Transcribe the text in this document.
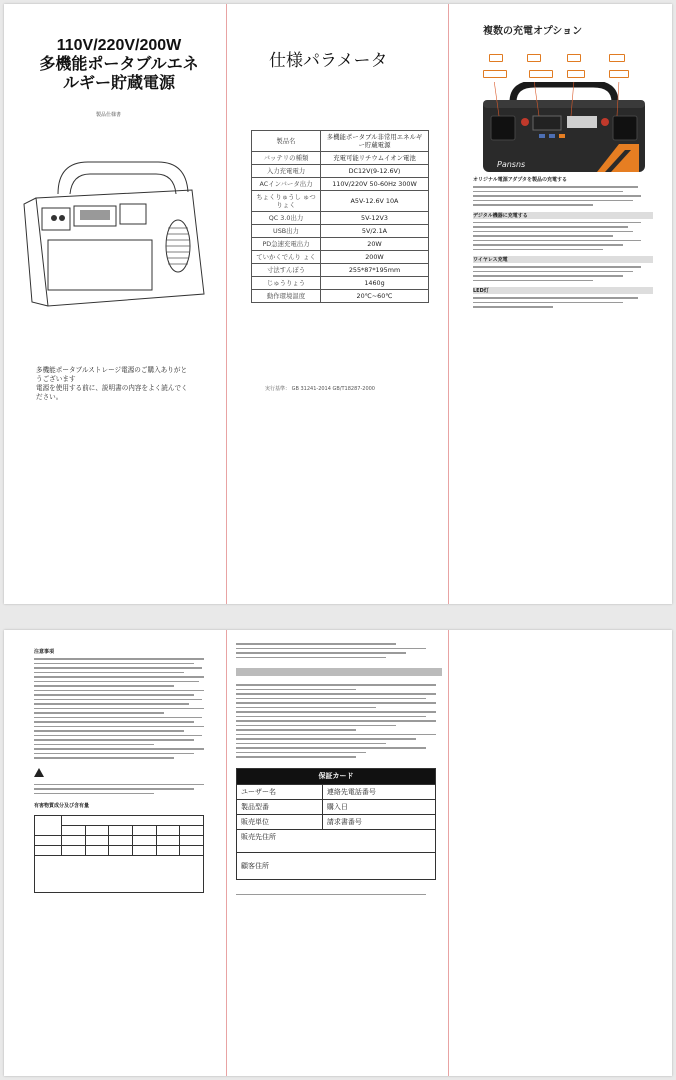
110V/220V/200W
多機能ポータブルエネ
ルギー貯蔵電源
製品仕様書
多機能ポータブルストレージ電源のご購入ありがと
うございます
電源を使用する前に、説明書の内容をよく読んでく
ださい。
仕様パラメータ
製品名	多機能ポータブル非常用エネルギー貯蔵電源
バッテリの種類	充電可能リチウムイオン電池
入力充電電力	DC12V(9-12.6V)
ACインバータ出力	110V/220V 50-60Hz 300W
ちょくりゅうし ゅつりょく	A5V-12.6V 10A
QC 3.0出力	5V-12V3
USB出力	5V/2.1A
PD急速充電出力	20W
ていかくでんり ょく	200W
寸法すんぽう	255*87*195mm
じゅうりょう	1460g
動作環境温度	20℃~60℃
実行基準： GB 31241-2014 GB/T18287-2000
複数の充電オプション
Pansns
オリジナル電源アダプタを製品の充電する
デジタル機器に充電する
ワイヤレス充電
LED灯
注意事項
有害物質成分及び含有量

保証カード	
ユーザー名	連絡先電話番号
製品型番	購入日
販売単位	請求書番号
販売先住所	
顧客住所	
